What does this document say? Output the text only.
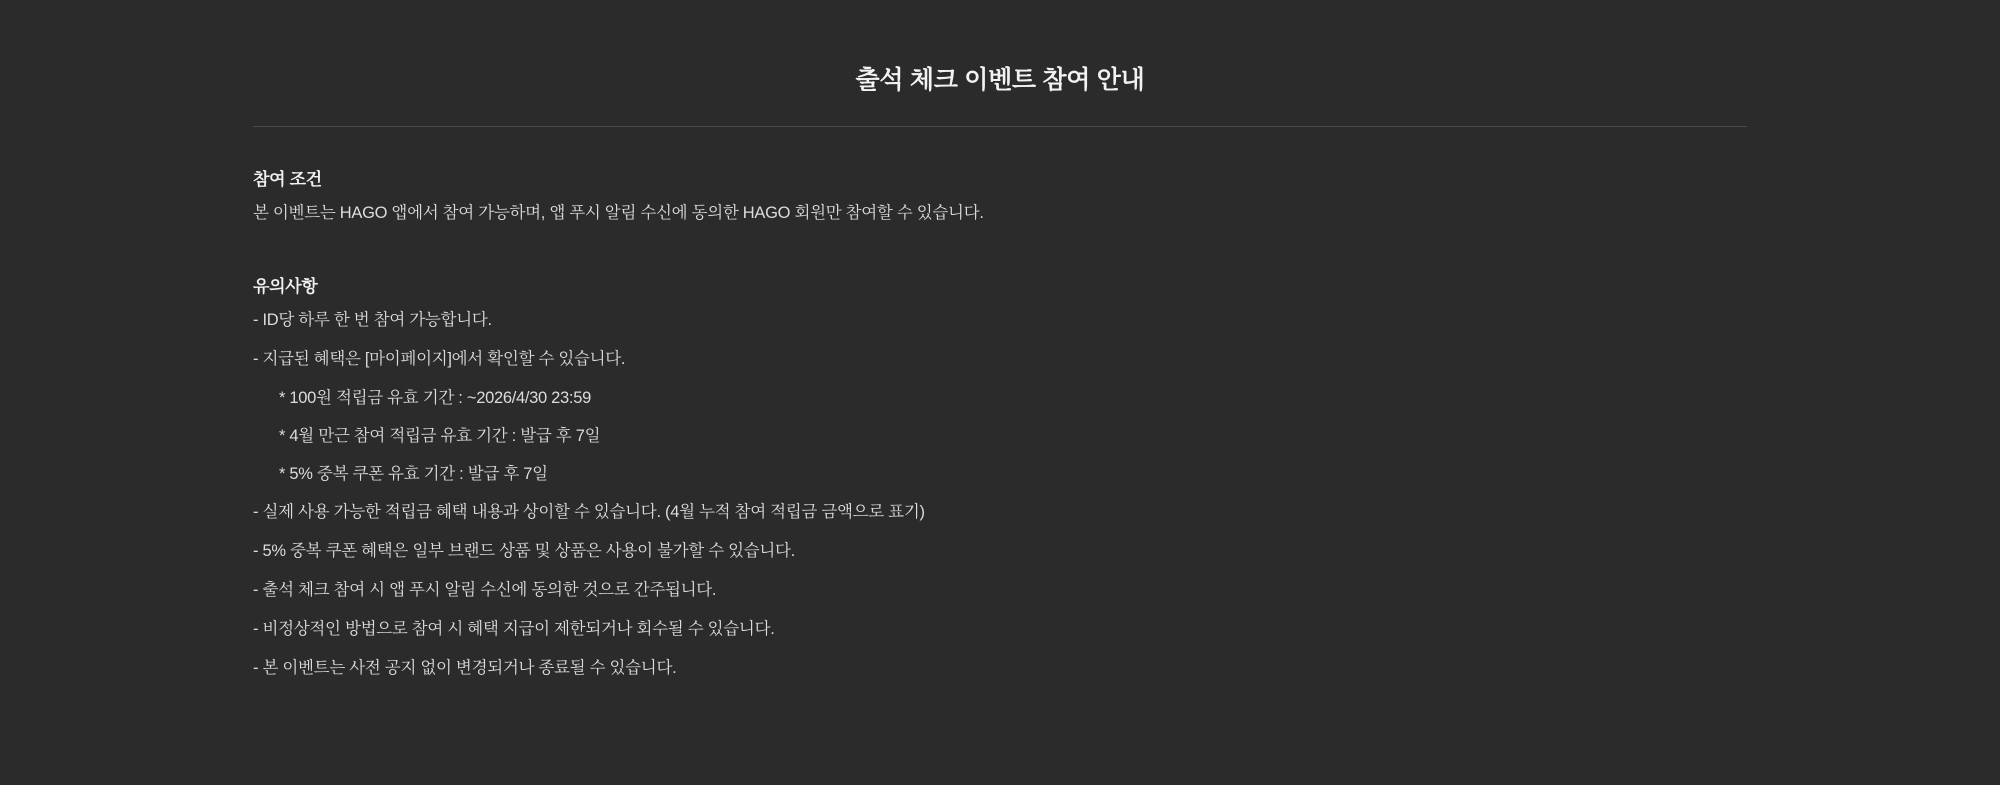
출석 체크 이벤트 참여 안내
참여 조건
본 이벤트는 HAGO 앱에서 참여 가능하며, 앱 푸시 알림 수신에 동의한 HAGO 회원만 참여할 수 있습니다.
유의사항
- ID당 하루 한 번 참여 가능합니다.
- 지급된 혜택은 [마이페이지]에서 확인할 수 있습니다.
* 100원 적립금 유효 기간 : ~2026/4/30 23:59
* 4월 만근 참여 적립금 유효 기간 : 발급 후 7일
* 5% 중복 쿠폰 유효 기간 : 발급 후 7일
- 실제 사용 가능한 적립금 혜택 내용과 상이할 수 있습니다. (4월 누적 참여 적립금 금액으로 표기)
- 5% 중복 쿠폰 혜택은 일부 브랜드 상품 및 상품은 사용이 불가할 수 있습니다.
- 출석 체크 참여 시 앱 푸시 알림 수신에 동의한 것으로 간주됩니다.
- 비정상적인 방법으로 참여 시 혜택 지급이 제한되거나 회수될 수 있습니다.
- 본 이벤트는 사전 공지 없이 변경되거나 종료될 수 있습니다.
